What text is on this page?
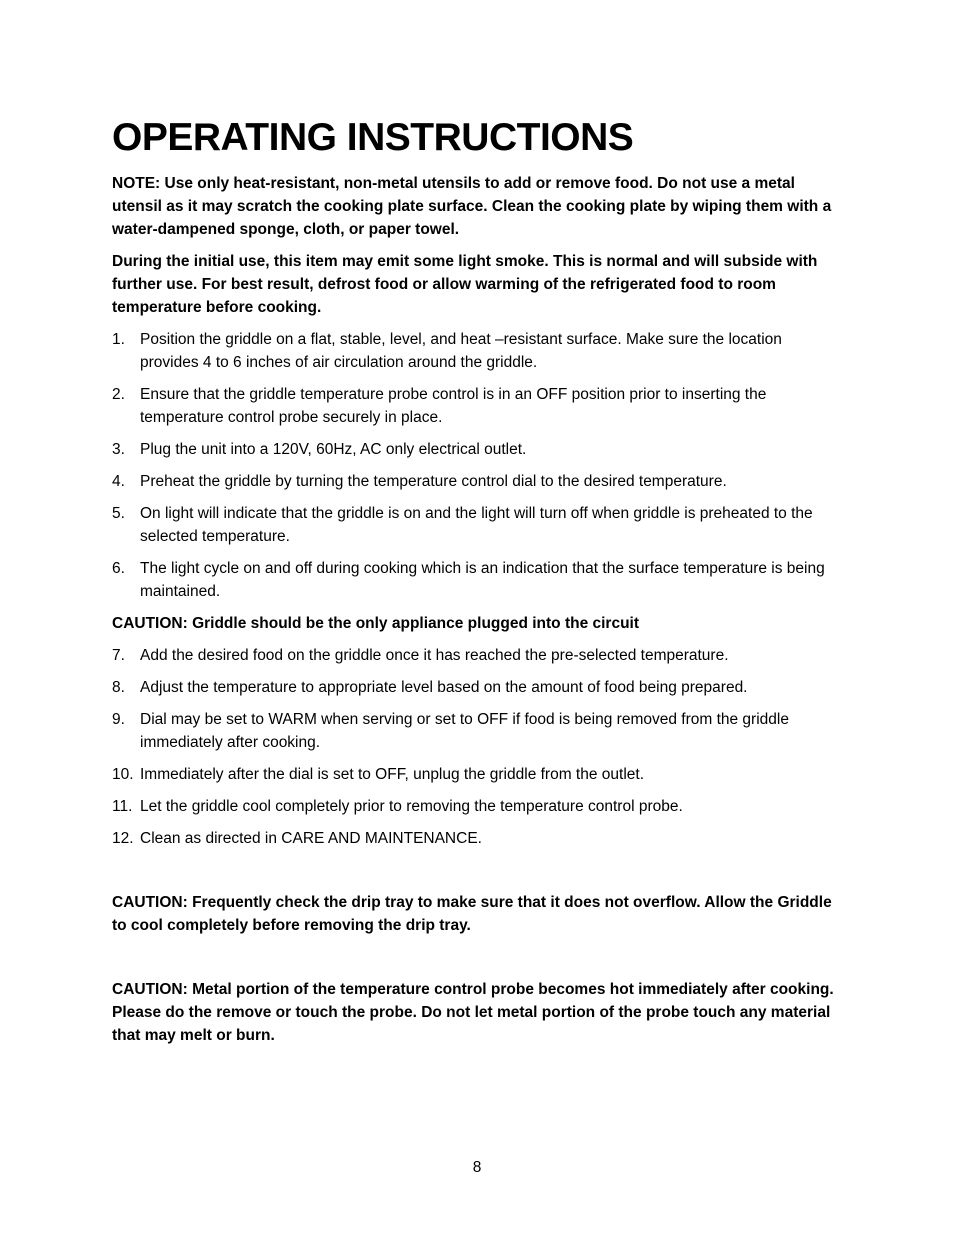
OPERATING INSTRUCTIONS

NOTE: Use only heat-resistant, non-metal utensils to add or remove food. Do not use a metal utensil as it may scratch the cooking plate surface. Clean the cooking plate by wiping them with a water-dampened sponge, cloth, or paper towel.

During the initial use, this item may emit some light smoke. This is normal and will subside with further use. For best result, defrost food or allow warming of the refrigerated food to room temperature before cooking.

1. Position the griddle on a flat, stable, level, and heat –resistant surface. Make sure the location provides 4 to 6 inches of air circulation around the griddle.
2. Ensure that the griddle temperature probe control is in an OFF position prior to inserting the temperature control probe securely in place.
3. Plug the unit into a 120V, 60Hz, AC only electrical outlet.
4. Preheat the griddle by turning the temperature control dial to the desired temperature.
5. On light will indicate that the griddle is on and the light will turn off when griddle is preheated to the selected temperature.
6. The light cycle on and off during cooking which is an indication that the surface temperature is being maintained.

CAUTION: Griddle should be the only appliance plugged into the circuit

7. Add the desired food on the griddle once it has reached the pre-selected temperature.
8. Adjust the temperature to appropriate level based on the amount of food being prepared.
9. Dial may be set to WARM when serving or set to OFF if food is being removed from the griddle immediately after cooking.
10. Immediately after the dial is set to OFF, unplug the griddle from the outlet.
11. Let the griddle cool completely prior to removing the temperature control probe.
12. Clean as directed in CARE AND MAINTENANCE.

CAUTION: Frequently check the drip tray to make sure that it does not overflow. Allow the Griddle to cool completely before removing the drip tray.

CAUTION: Metal portion of the temperature control probe becomes hot immediately after cooking. Please do the remove or touch the probe. Do not let metal portion of the probe touch any material that may melt or burn.

8
